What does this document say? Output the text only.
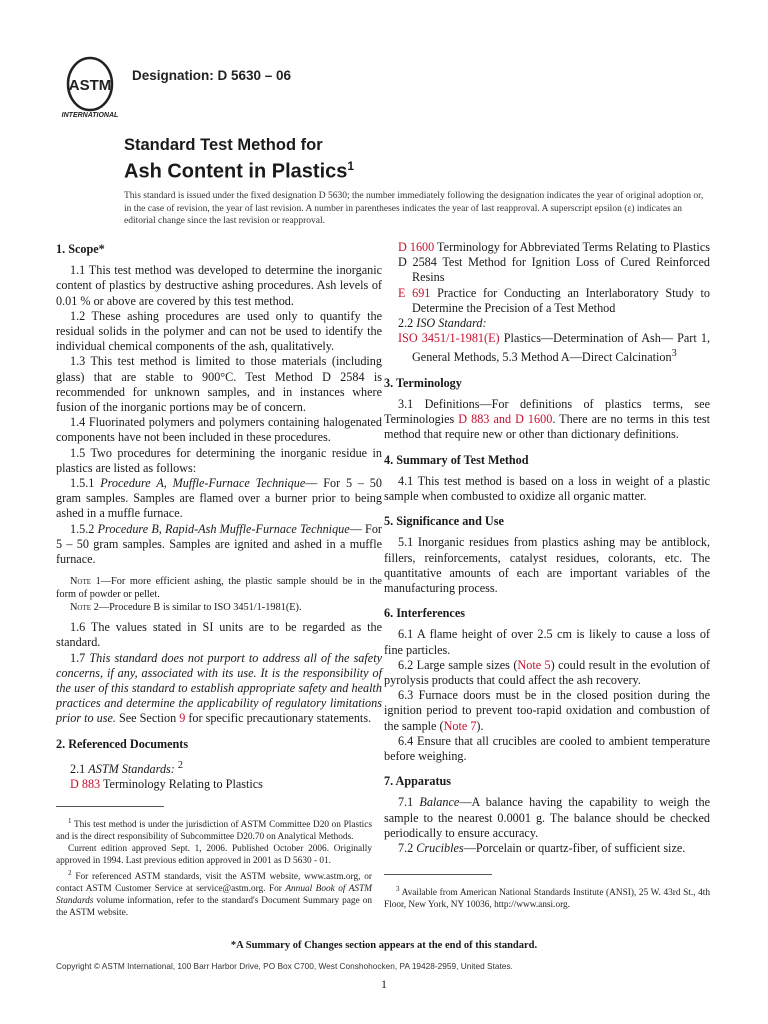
ASTM
INTERNATIONAL
Designation: D 5630 – 06
Standard Test Method for
Ash Content in Plastics$^1$
This standard is issued under the fixed designation D 5630; the number immediately following the designation indicates the year of original adoption or, in the case of revision, the year of last revision. A number in parentheses indicates the year of last reapproval. A superscript epsilon (ε) indicates an editorial change since the last revision or reapproval.
1. Scope*

1.1 This test method was developed to determine the inorganic content of plastics by destructive ashing procedures. Ash levels of 0.01 % or above are covered by this test method.

1.2 These ashing procedures are used only to quantify the residual solids in the polymer and can not be used to identify the individual chemical components of the ash, qualitatively.

1.3 This test method is limited to those materials (including glass) that are stable to 900°C. Test Method D 2584 is recommended for unknown samples, and in instances where fusion of the inorganic portions may be of concern.

1.4 Fluorinated polymers and polymers containing halogenated components have not been included in these procedures.

1.5 Two procedures for determining the inorganic residue in plastics are listed as follows:

1.5.1 Procedure A, Muffle-Furnace Technique— For 5 – 50 gram samples. Samples are flamed over a burner prior to being ashed in a muffle furnace.

1.5.2 Procedure B, Rapid-Ash Muffle-Furnace Technique— For 5 – 50 gram samples. Samples are ignited and ashed in a muffle furnace.

Note 1—For more efficient ashing, the plastic sample should be in the form of powder or pellet.

Note 2—Procedure B is similar to ISO 3451/1-1981(E).

1.6 The values stated in SI units are to be regarded as the standard.

1.7 This standard does not purport to address all of the safety concerns, if any, associated with its use. It is the responsibility of the user of this standard to establish appropriate safety and health practices and determine the applicability of regulatory limitations prior to use. See Section 9 for specific precautionary statements.

2. Referenced Documents

2.1 ASTM Standards: $^2$

D 883 Terminology Relating to Plastics

$^1$ This test method is under the jurisdiction of ASTM Committee D20 on Plastics and is the direct responsibility of Subcommittee D20.70 on Analytical Methods.

Current edition approved Sept. 1, 2006. Published October 2006. Originally approved in 1994. Last previous edition approved in 2001 as D 5630 - 01.

$^2$ For referenced ASTM standards, visit the ASTM website, www.astm.org, or contact ASTM Customer Service at service@astm.org. For Annual Book of ASTM Standards volume information, refer to the standard's Document Summary page on the ASTM website.

D 1600 Terminology for Abbreviated Terms Relating to Plastics

D 2584 Test Method for Ignition Loss of Cured Reinforced Resins

E 691 Practice for Conducting an Interlaboratory Study to Determine the Precision of a Test Method

2.2 ISO Standard:

ISO 3451/1-1981(E) Plastics—Determination of Ash— Part 1, General Methods, 5.3 Method A—Direct Calcination$^3$

3. Terminology

3.1 Definitions—For definitions of plastics terms, see Terminologies D 883 and D 1600. There are no terms in this test method that require new or other than dictionary definitions.

4. Summary of Test Method

4.1 This test method is based on a loss in weight of a plastic sample when combusted to oxidize all organic matter.

5. Significance and Use

5.1 Inorganic residues from plastics ashing may be antiblock, fillers, reinforcements, catalyst residues, colorants, etc. The quantitative amounts of each are important variables of the manufacturing process.

6. Interferences

6.1 A flame height of over 2.5 cm is likely to cause a loss of fine particles.

6.2 Large sample sizes (Note 5) could result in the evolution of pyrolysis products that could affect the ash recovery.

6.3 Furnace doors must be in the closed position during the ignition period to prevent too-rapid oxidation and combustion of the sample (Note 7).

6.4 Ensure that all crucibles are cooled to ambient temperature before weighing.

7. Apparatus

7.1 Balance—A balance having the capability to weigh the sample to the nearest 0.0001 g. The balance should be checked periodically to ensure accuracy.

7.2 Crucibles—Porcelain or quartz-fiber, of sufficient size.

$^3$ Available from American National Standards Institute (ANSI), 25 W. 43rd St., 4th Floor, New York, NY 10036, http://www.ansi.org.

*A Summary of Changes section appears at the end of this standard.
Copyright © ASTM International, 100 Barr Harbor Drive, PO Box C700, West Conshohocken, PA 19428-2959, United States.
1
